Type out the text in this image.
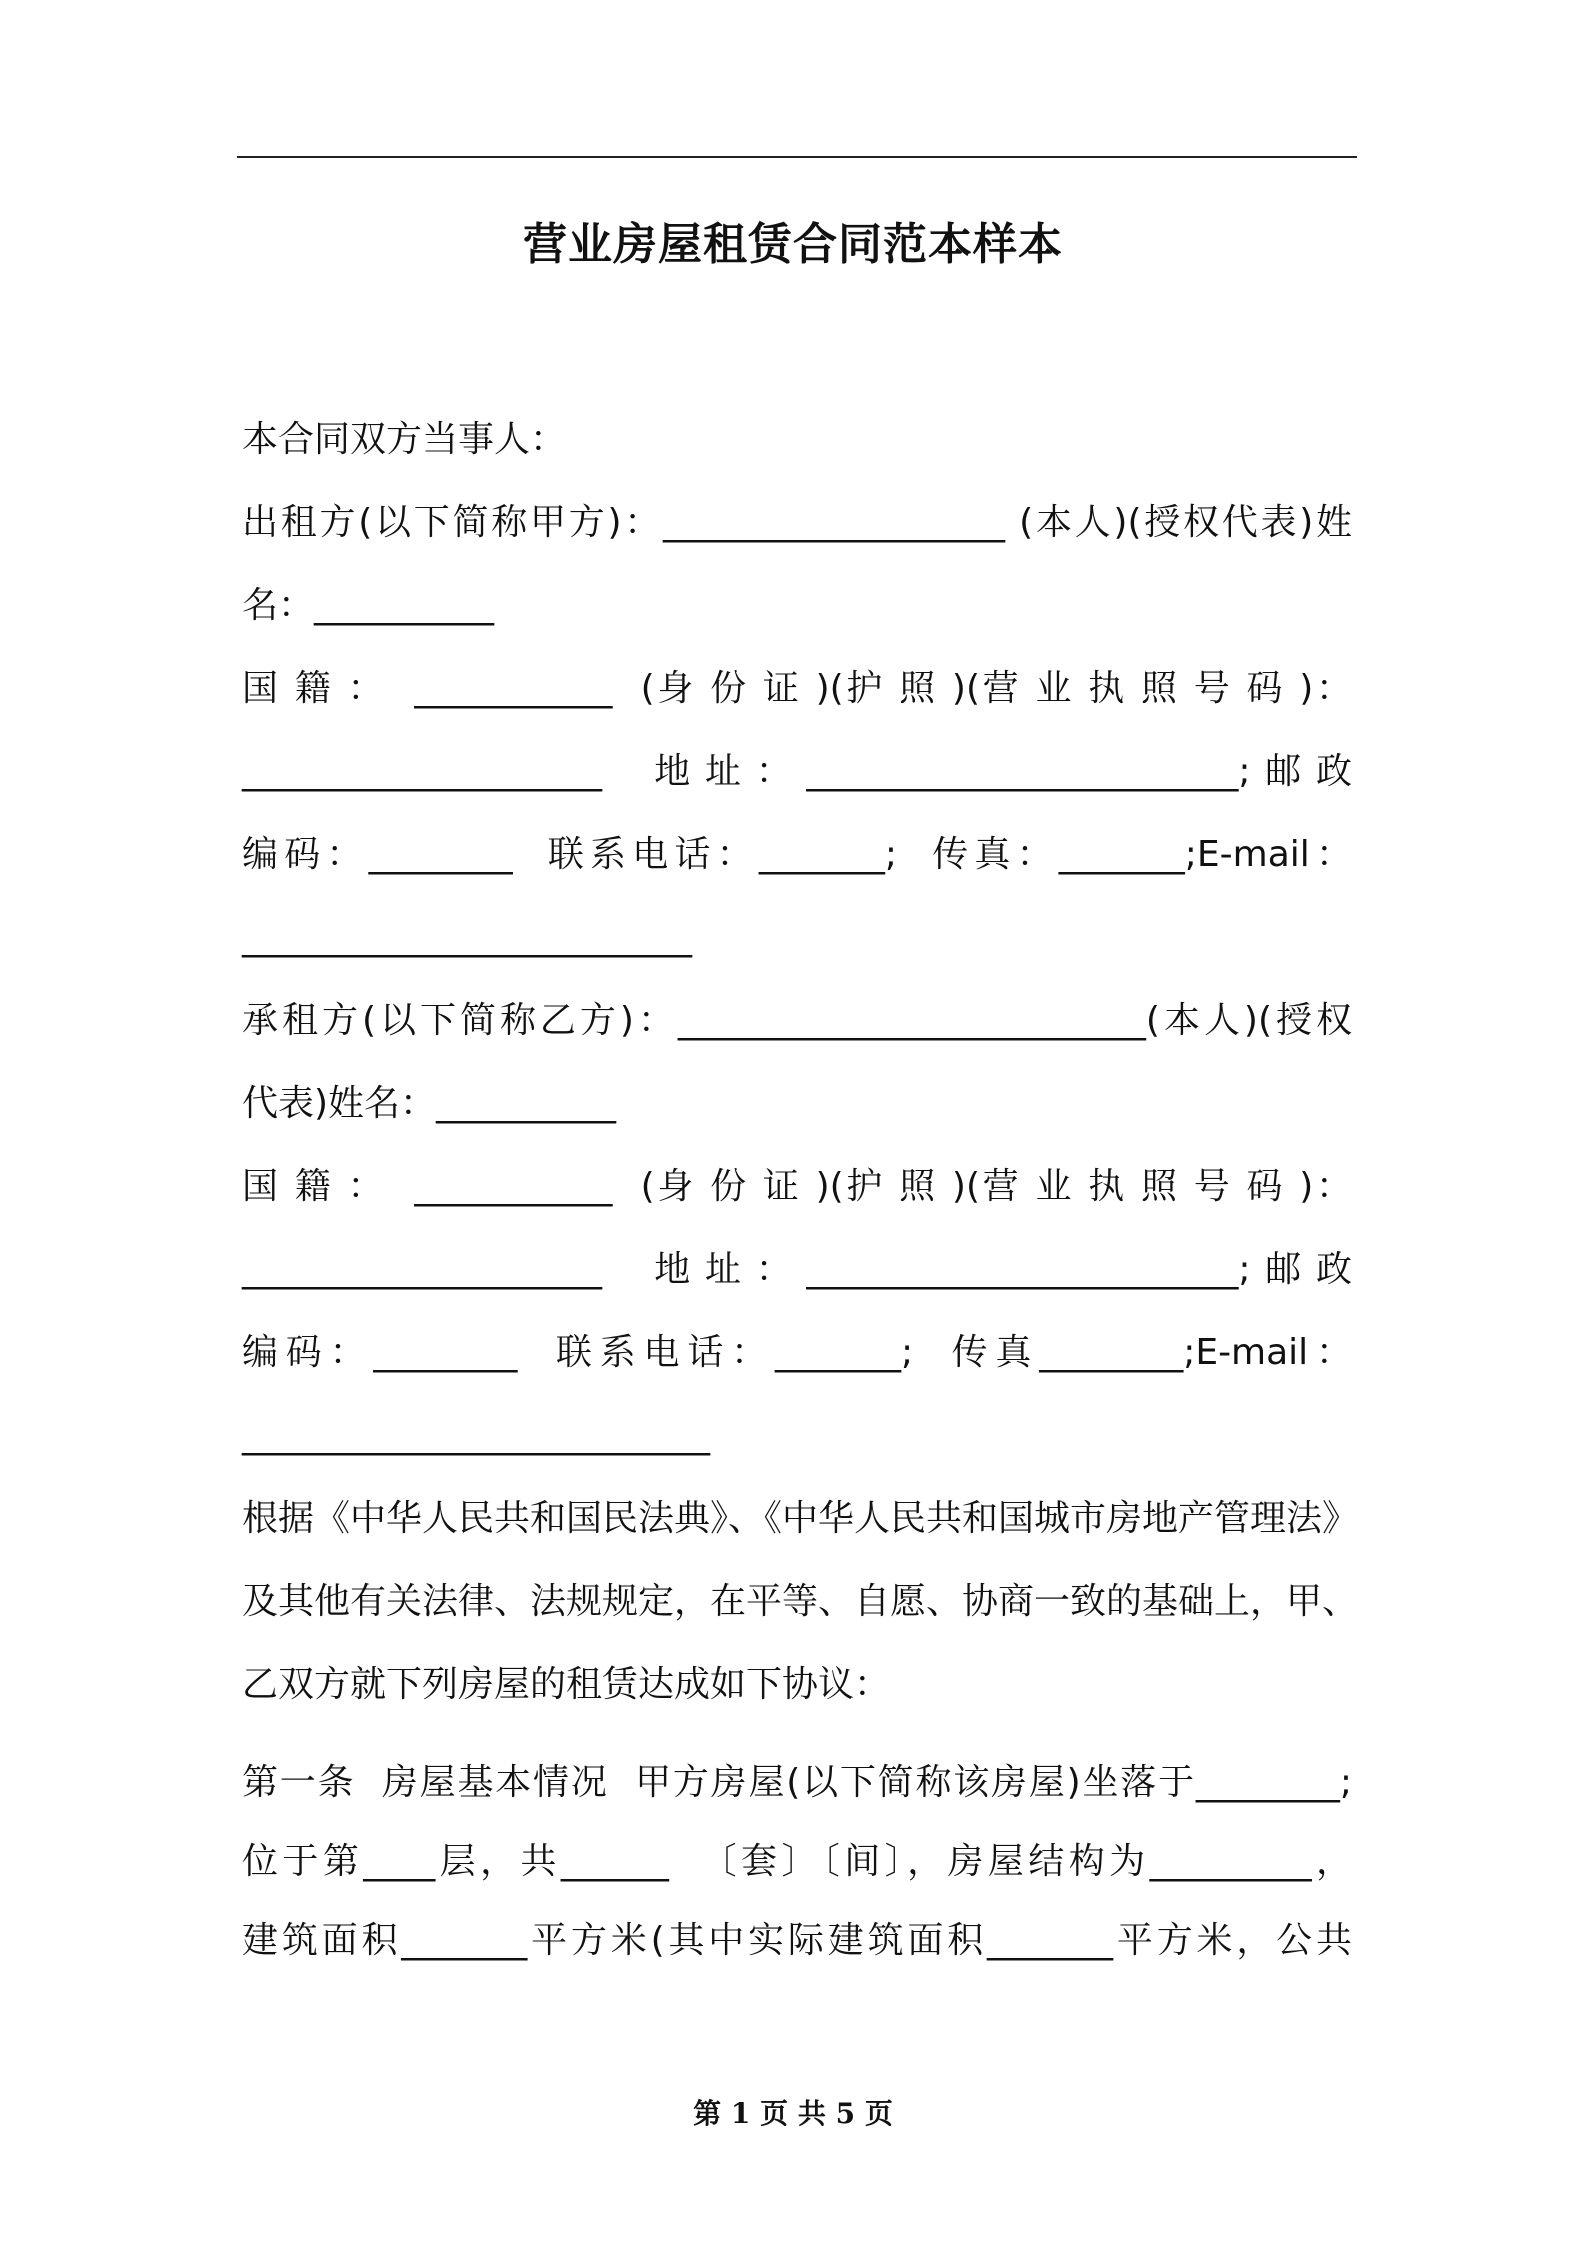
营业房屋租赁合同范本样本
本合同双方当事人：
出租方(以下简称甲方)：___________________ (本人)(授权代表)姓
名：__________
国 籍 ：  ___________  (身 份 证 )(护 照 )(营 业 执 照 号 码 )：
____________________  地址：________________________;邮政
编码：________  联系电话：_______;  传真：_______;E-mail：
_________________________
承租方(以下简称乙方)：__________________________(本人)(授权
代表)姓名：__________
国 籍 ：  ___________  (身 份 证 )(护 照 )(营 业 执 照 号 码 )：
____________________  地址：________________________;邮政
编码：________  联系电话：_______;  传真________;E-mail：
__________________________
根据《中华人民共和国民法典》、《中华人民共和国城市房地产管理法》
及其他有关法律、法规规定，在平等、自愿、协商一致的基础上，甲、
乙双方就下列房屋的租赁达成如下协议：
第一条  房屋基本情况  甲方房屋(以下简称该房屋)坐落于________;
位于第____层，共______  〔套〕〔间〕，房屋结构为_________，
建筑面积_______平方米(其中实际建筑面积_______平方米，公共
第 1 页 共 5 页
